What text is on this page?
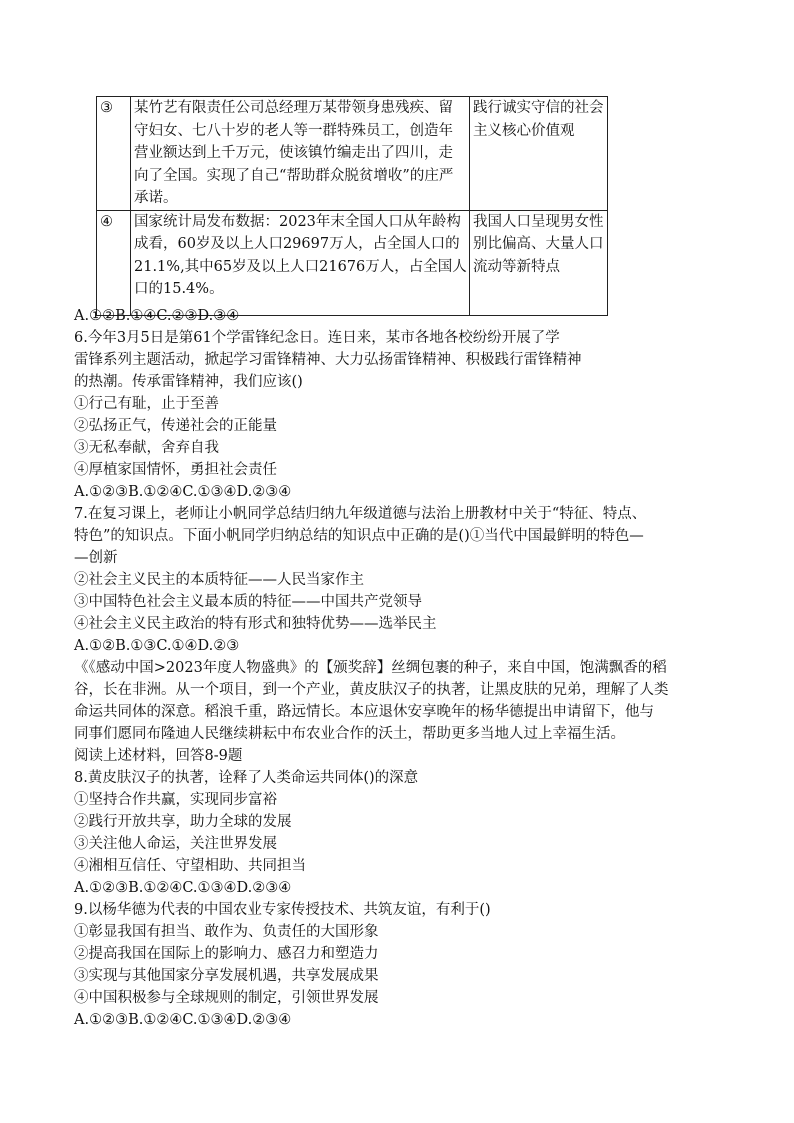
③	某竹艺有限责任公司总经理万某带领身患残疾、留守妇女、七八十岁的老人等一群特殊员工，创造年营业额达到上千万元，使该镇竹编走出了四川，走向了全国。实现了自己“帮助群众脱贫增收”的庄严承诺。	践行诚实守信的社会主义核心价值观
④	国家统计局发布数据：2023年末全国人口从年龄构成看，60岁及以上人口29697万人，占全国人口的21.1%,其中65岁及以上人口21676万人，占全国人口的15.4%。	我国人口呈现男女性别比偏高、大量人口流动等新特点
A.①②B.①④C.②③D.③④
6.今年3月5日是第61个学雷锋纪念日。连日来，某市各地各校纷纷开展了学
雷锋系列主题活动，掀起学习雷锋精神、大力弘扬雷锋精神、积极践行雷锋精神
的热潮。传承雷锋精神，我们应该()
①行己有耻，止于至善
②弘扬正气，传递社会的正能量
③无私奉献，舍弃自我
④厚植家国情怀，勇担社会责任
A.①②③B.①②④C.①③④D.②③④
7.在复习课上，老师让小帆同学总结归纳九年级道德与法治上册教材中关于“特征、特点、
特色”的知识点。下面小帆同学归纳总结的知识点中正确的是()①当代中国最鲜明的特色—
—创新
②社会主义民主的本质特征——人民当家作主
③中国特色社会主义最本质的特征——中国共产党领导
④社会主义民主政治的特有形式和独特优势——选举民主
A.①②B.①③C.①④D.②③
《《感动中国>2023年度人物盛典》的【颁奖辞】丝绸包裹的种子，来自中国，饱满飘香的稻
谷，长在非洲。从一个项目，到一个产业，黄皮肤汉子的执著，让黑皮肤的兄弟，理解了人类
命运共同体的深意。稻浪千重，路远情长。本应退休安享晚年的杨华德提出申请留下，他与
同事们愿同布隆迪人民继续耕耘中布农业合作的沃土，帮助更多当地人过上幸福生活。
阅读上述材料，回答8-9题
8.黄皮肤汉子的执著，诠释了人类命运共同体()的深意
①坚持合作共赢，实现同步富裕
②践行开放共享，助力全球的发展
③关注他人命运，关注世界发展
④湘相互信任、守望相助、共同担当
A.①②③B.①②④C.①③④D.②③④
9.以杨华德为代表的中国农业专家传授技术、共筑友谊，有利于()
①彰显我国有担当、敢作为、负责任的大国形象
②提高我国在国际上的影响力、感召力和塑造力
③实现与其他国家分享发展机遇，共享发展成果
④中国积极参与全球规则的制定，引领世界发展
A.①②③B.①②④C.①③④D.②③④
